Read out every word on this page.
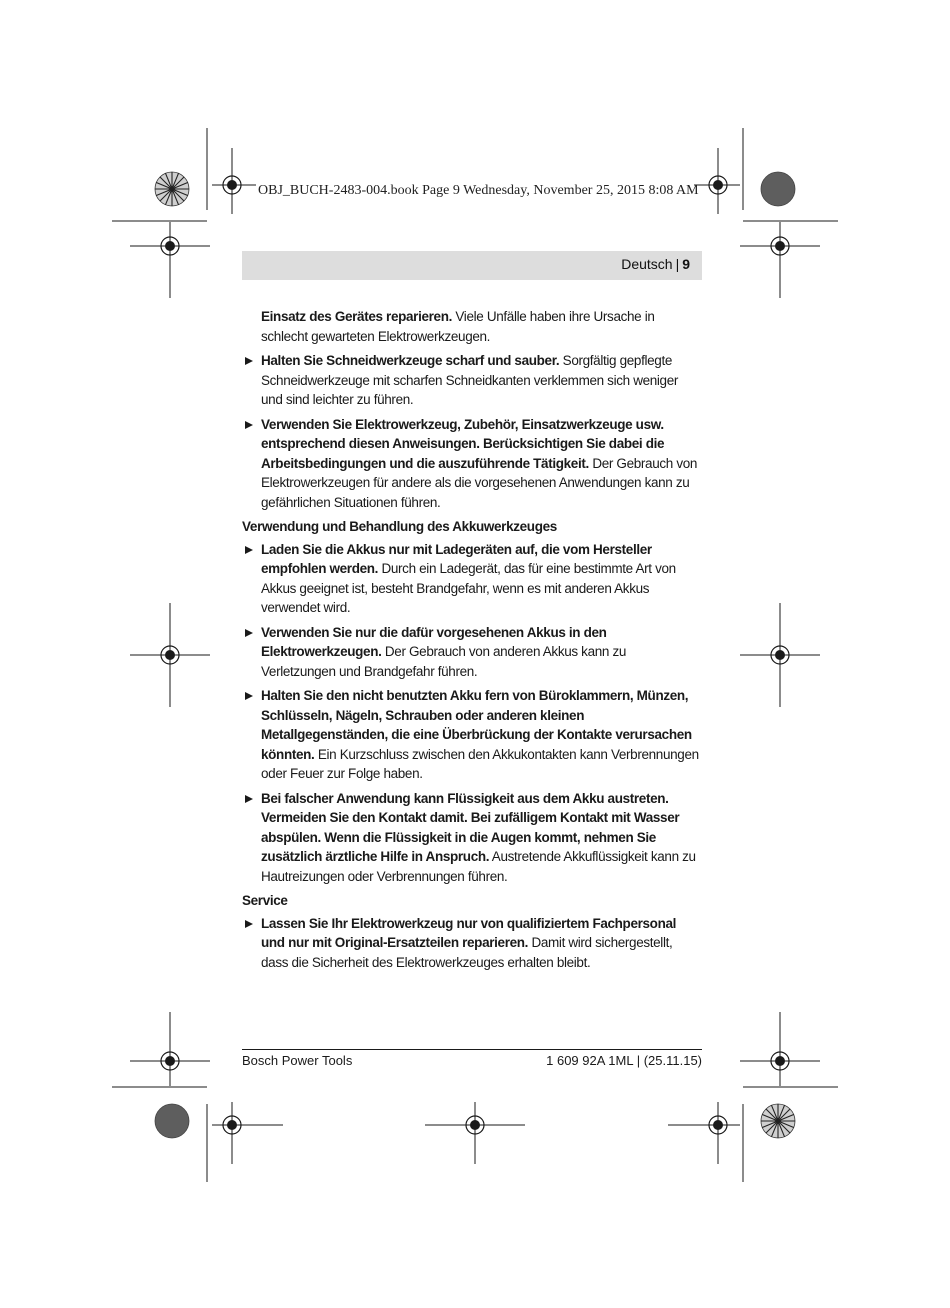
OBJ_BUCH-2483-004.book Page 9 Wednesday, November 25, 2015 8:08 AM
Deutsch | 9

Einsatz des Gerätes reparieren. Viele Unfälle haben ihre Ursache in schlecht gewarteten Elektrowerkzeugen.

Halten Sie Schneidwerkzeuge scharf und sauber. Sorgfältig gepflegte Schneidwerkzeuge mit scharfen Schneidkanten verklemmen sich weniger und sind leichter zu führen.
Verwenden Sie Elektrowerkzeug, Zubehör, Einsatzwerkzeuge usw. entsprechend diesen Anweisungen. Berücksichtigen Sie dabei die Arbeitsbedingungen und die auszuführende Tätigkeit. Der Gebrauch von Elektrowerkzeugen für andere als die vorgesehenen Anwendungen kann zu gefährlichen Situationen führen.

Verwendung und Behandlung des Akkuwerkzeuges

Laden Sie die Akkus nur mit Ladegeräten auf, die vom Hersteller empfohlen werden. Durch ein Ladegerät, das für eine bestimmte Art von Akkus geeignet ist, besteht Brandgefahr, wenn es mit anderen Akkus verwendet wird.
Verwenden Sie nur die dafür vorgesehenen Akkus in den Elektrowerkzeugen. Der Gebrauch von anderen Akkus kann zu Verletzungen und Brandgefahr führen.
Halten Sie den nicht benutzten Akku fern von Büroklammern, Münzen, Schlüsseln, Nägeln, Schrauben oder anderen kleinen Metallgegenständen, die eine Überbrückung der Kontakte verursachen könnten. Ein Kurzschluss zwischen den Akkukontakten kann Verbrennungen oder Feuer zur Folge haben.
Bei falscher Anwendung kann Flüssigkeit aus dem Akku austreten. Vermeiden Sie den Kontakt damit. Bei zufälligem Kontakt mit Wasser abspülen. Wenn die Flüssigkeit in die Augen kommt, nehmen Sie zusätzlich ärztliche Hilfe in Anspruch. Austretende Akkuflüssigkeit kann zu Hautreizungen oder Verbrennungen führen.

Service

Lassen Sie Ihr Elektrowerkzeug nur von qualifiziertem Fachpersonal und nur mit Original-Ersatzteilen reparieren. Damit wird sichergestellt, dass die Sicherheit des Elektrowerkzeuges erhalten bleibt.
Bosch Power Tools	1 609 92A 1ML | (25.11.15)
